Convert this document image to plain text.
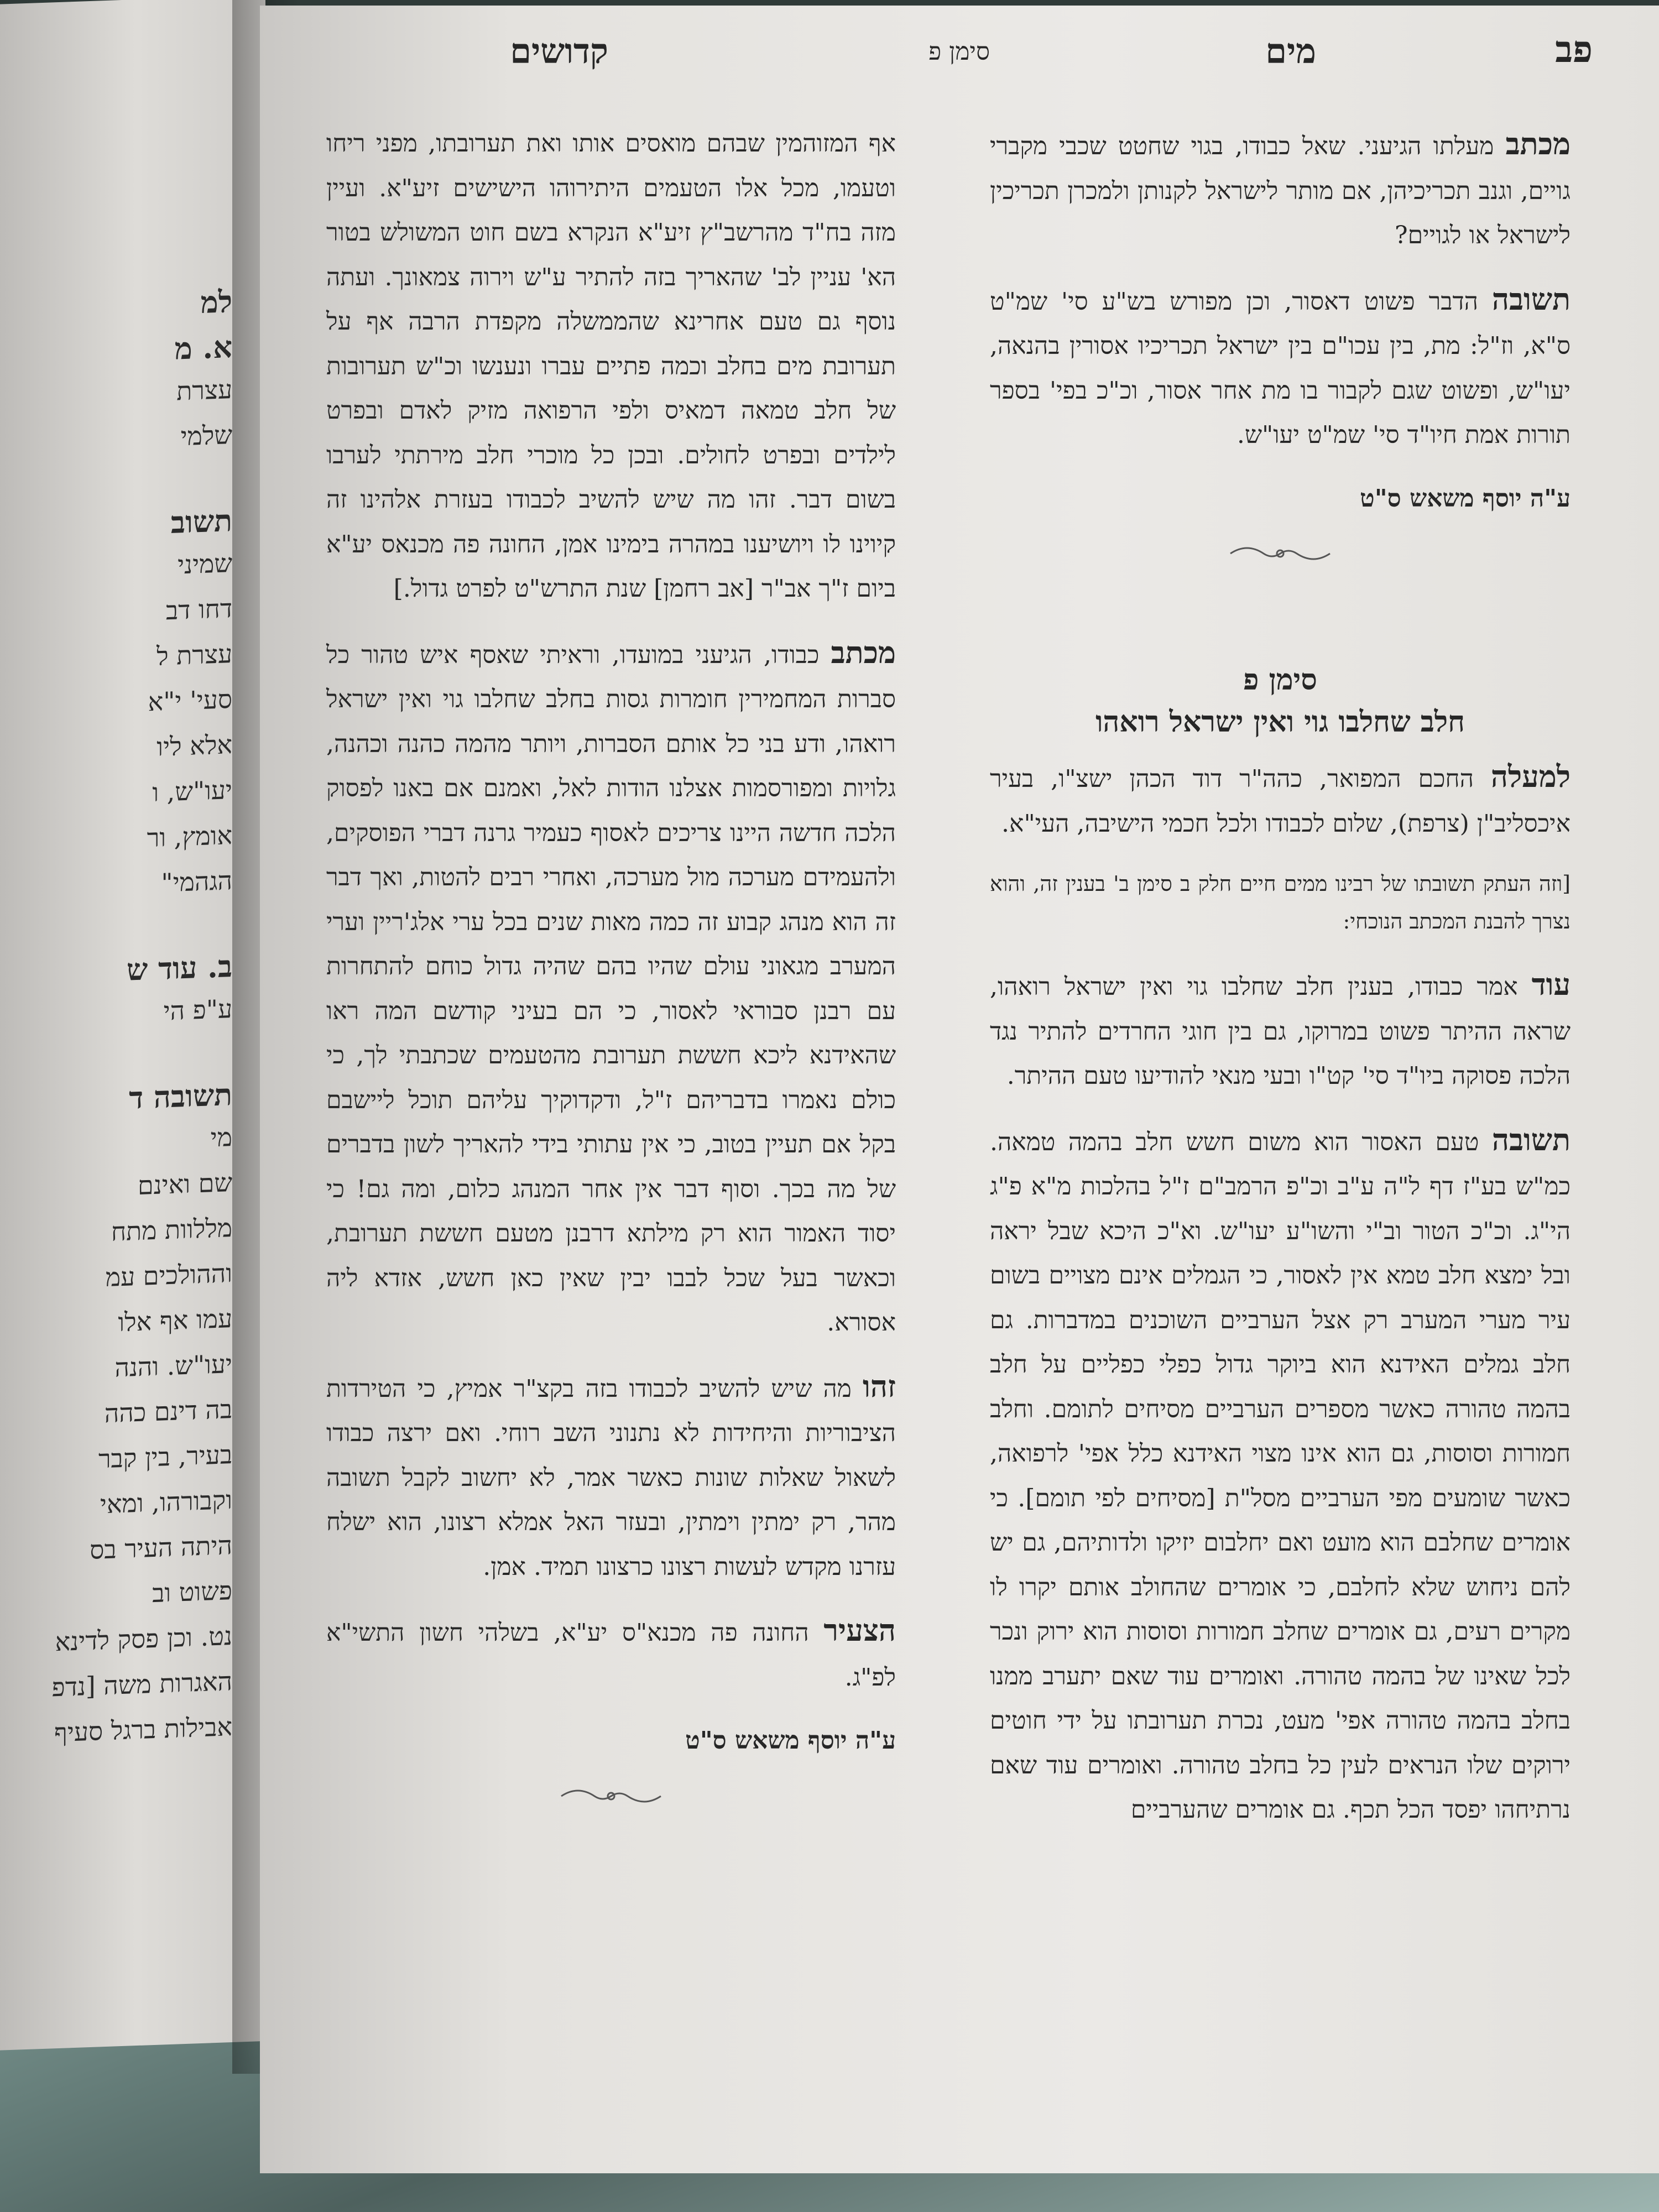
למ
א. מ
עצרת
שלמי
תשוב
שמיני
דחו דב
עצרת ל
סעי' י"א
אלא ליו
יעו"ש, ו
אומץ, ור
הגהמי"
ב. עוד ש
ע"פ הי
תשובה ד
מי
שם ואינם
מללוות מתח
וההולכים עמ
עמו אף אלו
יעו"ש. והנה
בה דינם כהה
בעיר, בין קבר
וקבורהו, ומאי
היתה העיר בס
פשוט וב
נט. וכן פסק לדינא
האגרות משה [נדפ
אבילות ברגל סעיף
פב
מים
סימן פ
קדושים

מכתב מעלתו הגיעני. שאל כבודו, בגוי שחטט שכבי מקברי גויים, וגנב תכריכיהן, אם מותר לישראל לקנותן ולמכרן תכריכין לישראל או לגויים?

תשובה הדבר פשוט דאסור, וכן מפורש בש"ע סי' שמ"ט ס"א, וז"ל: מת, בין עכו"ם בין ישראל תכריכיו אסורין בהנאה, יעו"ש, ופשוט שגם לקבור בו מת אחר אסור, וכ"כ בפי' בספר תורות אמת חיו"ד סי' שמ"ט יעו"ש.

ע"ה יוסף משאש ס"ט
סימן פ
חלב שחלבו גוי ואין ישראל רואהו

למעלה החכם המפואר, כהה"ר דוד הכהן ישצ"ו, בעיר איכסליב"ן (צרפת), שלום לכבודו ולכל חכמי הישיבה, העי"א.

[וזה העתק תשובתו של רבינו ממים חיים חלק ב סימן ב' בענין זה, והוא נצרך להבנת המכתב הנוכחי:

עוד אמר כבודו, בענין חלב שחלבו גוי ואין ישראל רואהו, שראה ההיתר פשוט במרוקו, גם בין חוגי החרדים להתיר נגד הלכה פסוקה ביו"ד סי' קט"ו ובעי מנאי להודיעו טעם ההיתר.

תשובה טעם האסור הוא משום חשש חלב בהמה טמאה. כמ"ש בע"ז דף ל"ה ע"ב וכ"פ הרמב"ם ז"ל בהלכות מ"א פ"ג הי"ג. וכ"כ הטור וב"י והשו"ע יעו"ש. וא"כ היכא שבל יראה ובל ימצא חלב טמא אין לאסור, כי הגמלים אינם מצויים בשום עיר מערי המערב רק אצל הערביים השוכנים במדברות. גם חלב גמלים האידנא הוא ביוקר גדול כפלי כפליים על חלב בהמה טהורה כאשר מספרים הערביים מסיחים לתומם. וחלב חמורות וסוסות, גם הוא אינו מצוי האידנא כלל אפי' לרפואה, כאשר שומעים מפי הערביים מסל"ת [מסיחים לפי תומם]. כי אומרים שחלבם הוא מועט ואם יחלבום יזיקו ולדותיהם, גם יש להם ניחוש שלא לחלבם, כי אומרים שהחולב אותם יקרו לו מקרים רעים, גם אומרים שחלב חמורות וסוסות הוא ירוק ונכר לכל שאינו של בהמה טהורה. ואומרים עוד שאם יתערב ממנו בחלב בהמה טהורה אפי' מעט, נכרת תערובתו על ידי חוטים ירוקים שלו הנראים לעין כל בחלב טהורה. ואומרים עוד שאם נרתיחהו יפסד הכל תכף. גם אומרים שהערביים

אף המזוהמין שבהם מואסים אותו ואת תערובתו, מפני ריחו וטעמו, מכל אלו הטעמים היתירוהו הישישים זיע"א. ועיין מזה בח"ד מהרשב"ץ זיע"א הנקרא בשם חוט המשולש בטור הא' עניין לב' שהאריך בזה להתיר ע"ש וירוה צמאונך. ועתה נוסף גם טעם אחרינא שהממשלה מקפדת הרבה אף על תערובת מים בחלב וכמה פתיים עברו ונענשו וכ"ש תערובות של חלב טמאה דמאיס ולפי הרפואה מזיק לאדם ובפרט לילדים ובפרט לחולים. ובכן כל מוכרי חלב מירתתי לערבו בשום דבר. זהו מה שיש להשיב לכבודו בעזרת אלהינו זה קיוינו לו ויושיענו במהרה בימינו אמן, החונה פה מכנאס יע"א ביום ז"ך אב"ר [אב רחמן] שנת התרש"ט לפרט גדול.]

מכתב כבודו, הגיעני במועדו, וראיתי שאסף איש טהור כל סברות המחמירין חומרות גסות בחלב שחלבו גוי ואין ישראל רואהו, ודע בני כל אותם הסברות, ויותר מהמה כהנה וכהנה, גלויות ומפורסמות אצלנו הודות לאל, ואמנם אם באנו לפסוק הלכה חדשה היינו צריכים לאסוף כעמיר גרנה דברי הפוסקים, ולהעמידם מערכה מול מערכה, ואחרי רבים להטות, ואך דבר זה הוא מנהג קבוע זה כמה מאות שנים בכל ערי אלג'ריין וערי המערב מגאוני עולם שהיו בהם שהיה גדול כוחם להתחרות עם רבנן סבוראי לאסור, כי הם בעיני קודשם המה ראו שהאידנא ליכא חששת תערובת מהטעמים שכתבתי לך, כי כולם נאמרו בדבריהם ז"ל, ודקדוקיך עליהם תוכל ליישבם בקל אם תעיין בטוב, כי אין עתותי בידי להאריך לשון בדברים של מה בכך. וסוף דבר אין אחר המנהג כלום, ומה גם! כי יסוד האמור הוא רק מילתא דרבנן מטעם חששת תערובת, וכאשר בעל שכל לבבו יבין שאין כאן חשש, אזדא ליה אסורא.

זהו מה שיש להשיב לכבודו בזה בקצ"ר אמיץ, כי הטירדות הציבוריות והיחידות לא נתנוני השב רוחי. ואם ירצה כבודו לשאול שאלות שונות כאשר אמר, לא יחשוב לקבל תשובה מהר, רק ימתין וימתין, ובעזר האל אמלא רצונו, הוא ישלח עזרנו מקדש לעשות רצונו כרצונו תמיד. אמן.

הצעיר החונה פה מכנא"ס יע"א, בשלהי חשון התשי"א לפ"ג.

ע"ה יוסף משאש ס"ט
